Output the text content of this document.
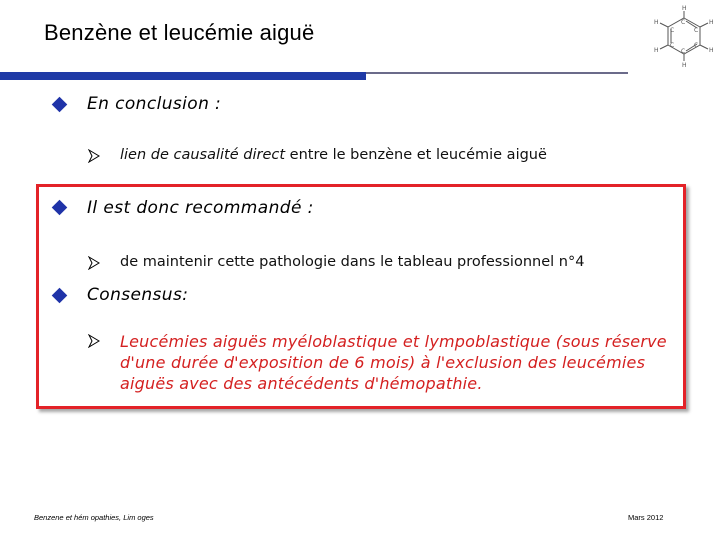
Benzène et leucémie aiguë
H
H
H
H
H
H	C
C
C
C
C
C
En conclusion :
lien de causalité direct entre le benzène et leucémie aiguë
Il est donc recommandé :
de maintenir cette pathologie dans le tableau professionnel n°4
Consensus:
Leucémies aiguës myéloblastique et lympoblastique (sous réserve d'une durée d'exposition de 6 mois) à l'exclusion des leucémies aiguës avec des antécédents d'hémopathie.
Benzene et hém opathies, Lim oges	Mars 2012
